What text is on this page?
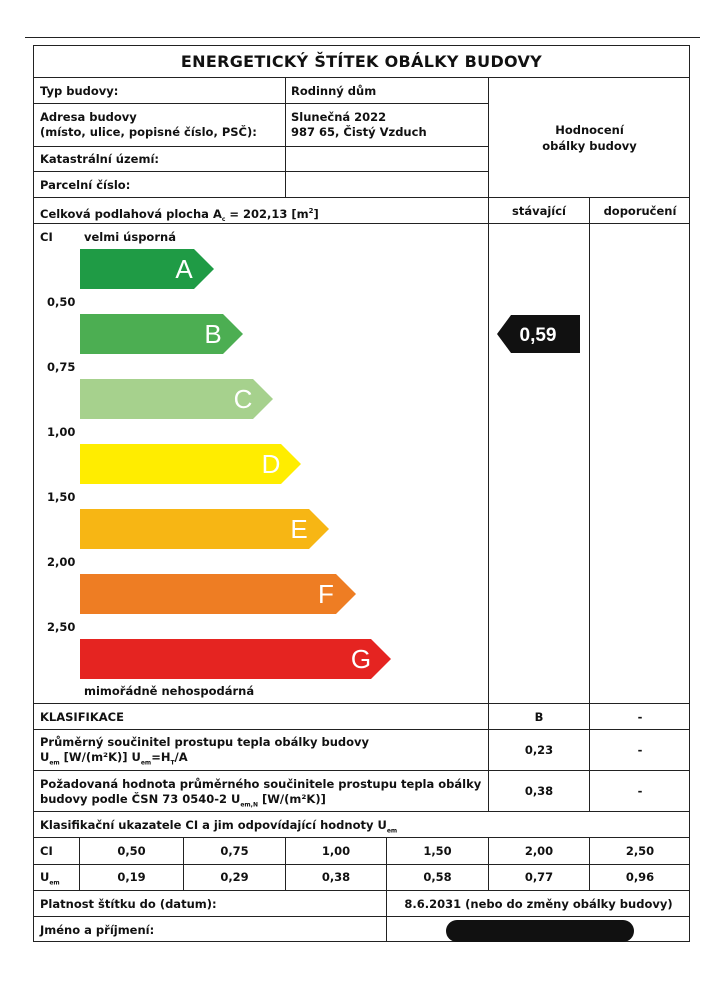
ENERGETICKÝ ŠTÍTEK OBÁLKY BUDOVY
Typ budovy:	Rodinný dům
Adresa budovy
(místo, ulice, popisné číslo, PSČ):
Slunečná 2022
987 65, Čistý Vzduch
Katastrální území:
Parcelní číslo:
Hodnocení
obálky budovy
Celková podlahová plocha $A_c = 202,13$ $[m^2]$	stávající	doporučení
CI	velmi úsporná
mimořádně nehospodárná
0,50
0,75
1,00
1,50
2,00
2,50
A
B
C
D
E
F
G
0,59
KLASIFIKACE	B	-
Průměrný součinitel prostupu tepla obálky budovy
$U_{em}$ [W/(m²K)] $U_{em}=H_T/A$	0,23	-
Požadovaná hodnota průměrného součinitele prostupu tepla obálky
budovy podle ČSN 73 0540-2 $U_{em,N}$ [W/(m²K)]
0,38	-
Klasifikační ukazatele CI a jim odpovídající hodnoty $U_{em}$
CI	0,50	0,75	1,00	1,50	2,00	2,50
$U_{em}$	0,19	0,29	0,38	0,58	0,77	0,96
Platnost štítku do (datum):	8.6.2031 (nebo do změny obálky budovy)
Jméno a příjmení:
